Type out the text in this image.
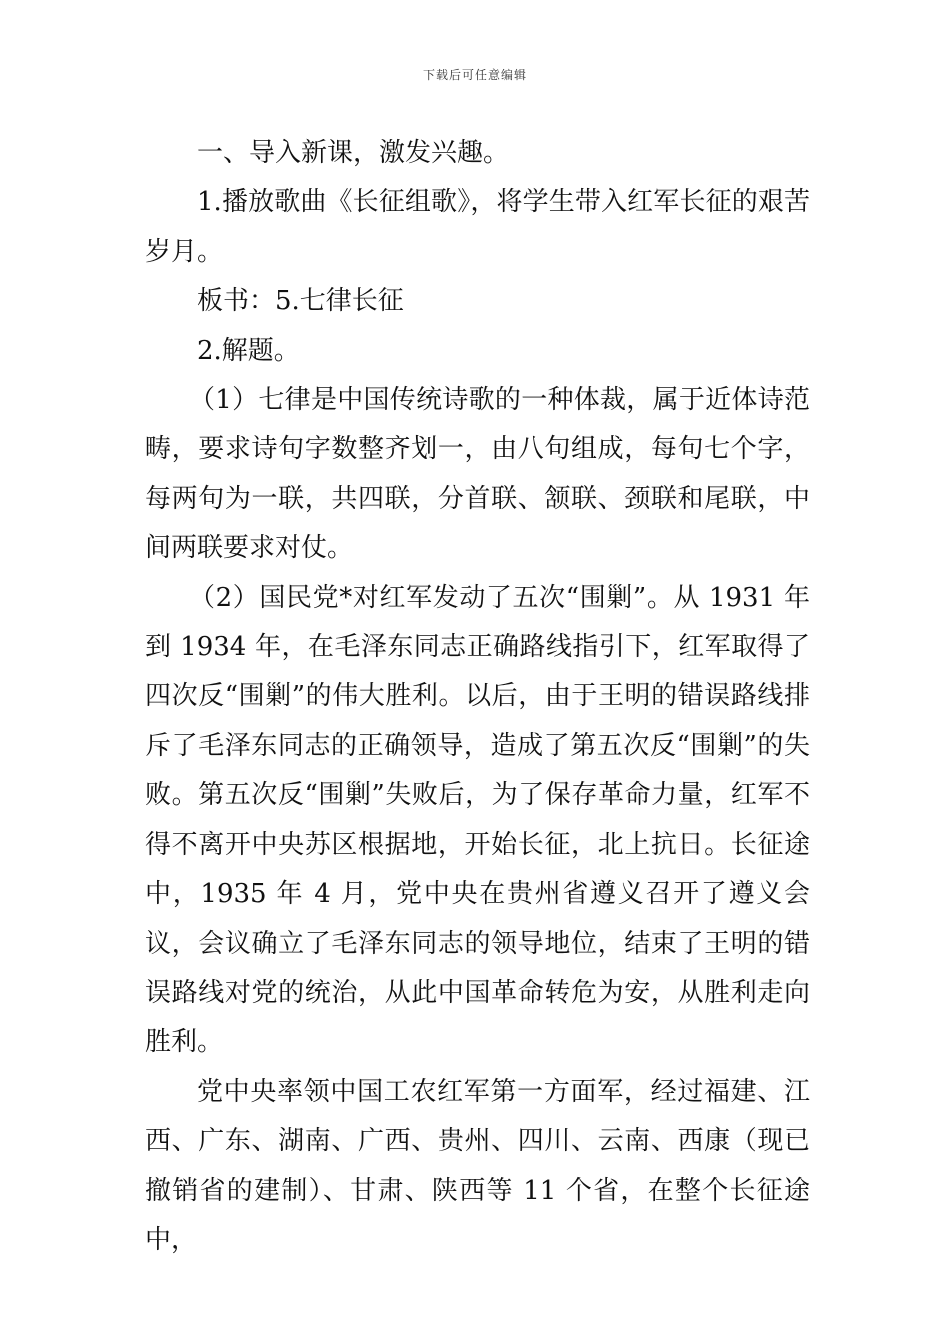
下载后可任意编辑

一、导入新课，激发兴趣。

1.播放歌曲《长征组歌》，将学生带入红军长征的艰苦岁月。

板书：5.七律长征

2.解题。

（1）七律是中国传统诗歌的一种体裁，属于近体诗范畴，要求诗句字数整齐划一，由八句组成，每句七个字，每两句为一联，共四联，分首联、颔联、颈联和尾联，中间两联要求对仗。

（2）国民党*对红军发动了五次“围剿”。从 1931 年到 1934 年，在毛泽东同志正确路线指引下，红军取得了四次反“围剿”的伟大胜利。以后，由于王明的错误路线排斥了毛泽东同志的正确领导，造成了第五次反“围剿”的失败。第五次反“围剿”失败后，为了保存革命力量，红军不得不离开中央苏区根据地，开始长征，北上抗日。长征途中，1935 年 4 月，党中央在贵州省遵义召开了遵义会议，会议确立了毛泽东同志的领导地位，结束了王明的错误路线对党的统治，从此中国革命转危为安，从胜利走向胜利。

党中央率领中国工农红军第一方面军，经过福建、江西、广东、湖南、广西、贵州、四川、云南、西康（现已撤销省的建制）、甘肃、陕西等 11 个省，在整个长征途中，
